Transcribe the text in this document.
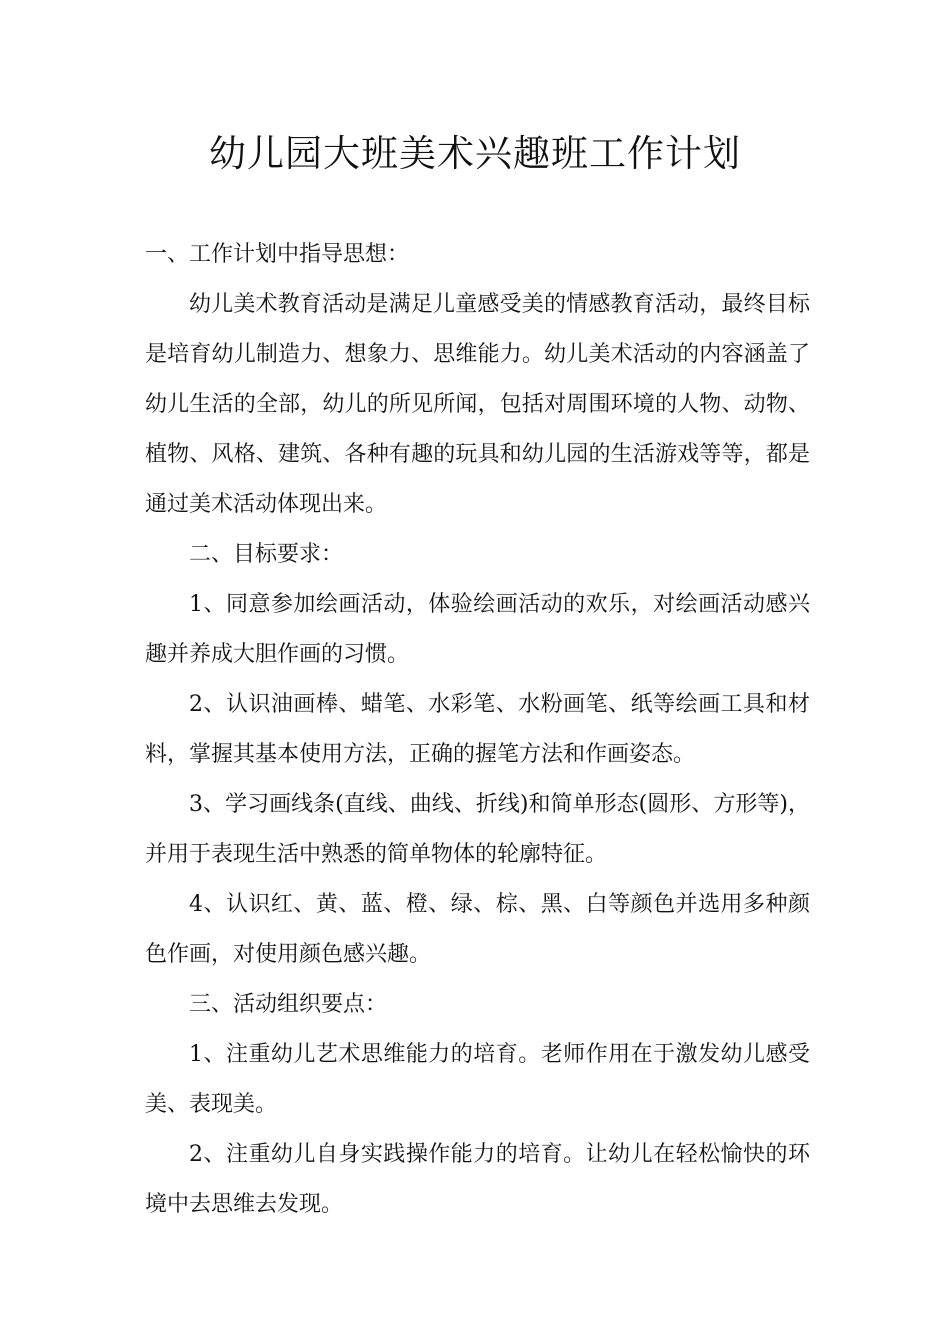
幼儿园大班美术兴趣班工作计划

一、工作计划中指导思想：

幼儿美术教育活动是满足儿童感受美的情感教育活动，最终目标是培育幼儿制造力、想象力、思维能力。幼儿美术活动的内容涵盖了幼儿生活的全部，幼儿的所见所闻，包括对周围环境的人物、动物、植物、风格、建筑、各种有趣的玩具和幼儿园的生活游戏等等，都是通过美术活动体现出来。

二、目标要求：

1、同意参加绘画活动，体验绘画活动的欢乐，对绘画活动感兴趣并养成大胆作画的习惯。

2、认识油画棒、蜡笔、水彩笔、水粉画笔、纸等绘画工具和材料，掌握其基本使用方法，正确的握笔方法和作画姿态。

3、学习画线条(直线、曲线、折线)和简单形态(圆形、方形等)，并用于表现生活中熟悉的简单物体的轮廓特征。

4、认识红、黄、蓝、橙、绿、棕、黑、白等颜色并选用多种颜色作画，对使用颜色感兴趣。

三、活动组织要点：

1、注重幼儿艺术思维能力的培育。老师作用在于激发幼儿感受美、表现美。

2、注重幼儿自身实践操作能力的培育。让幼儿在轻松愉快的环境中去思维去发现。
